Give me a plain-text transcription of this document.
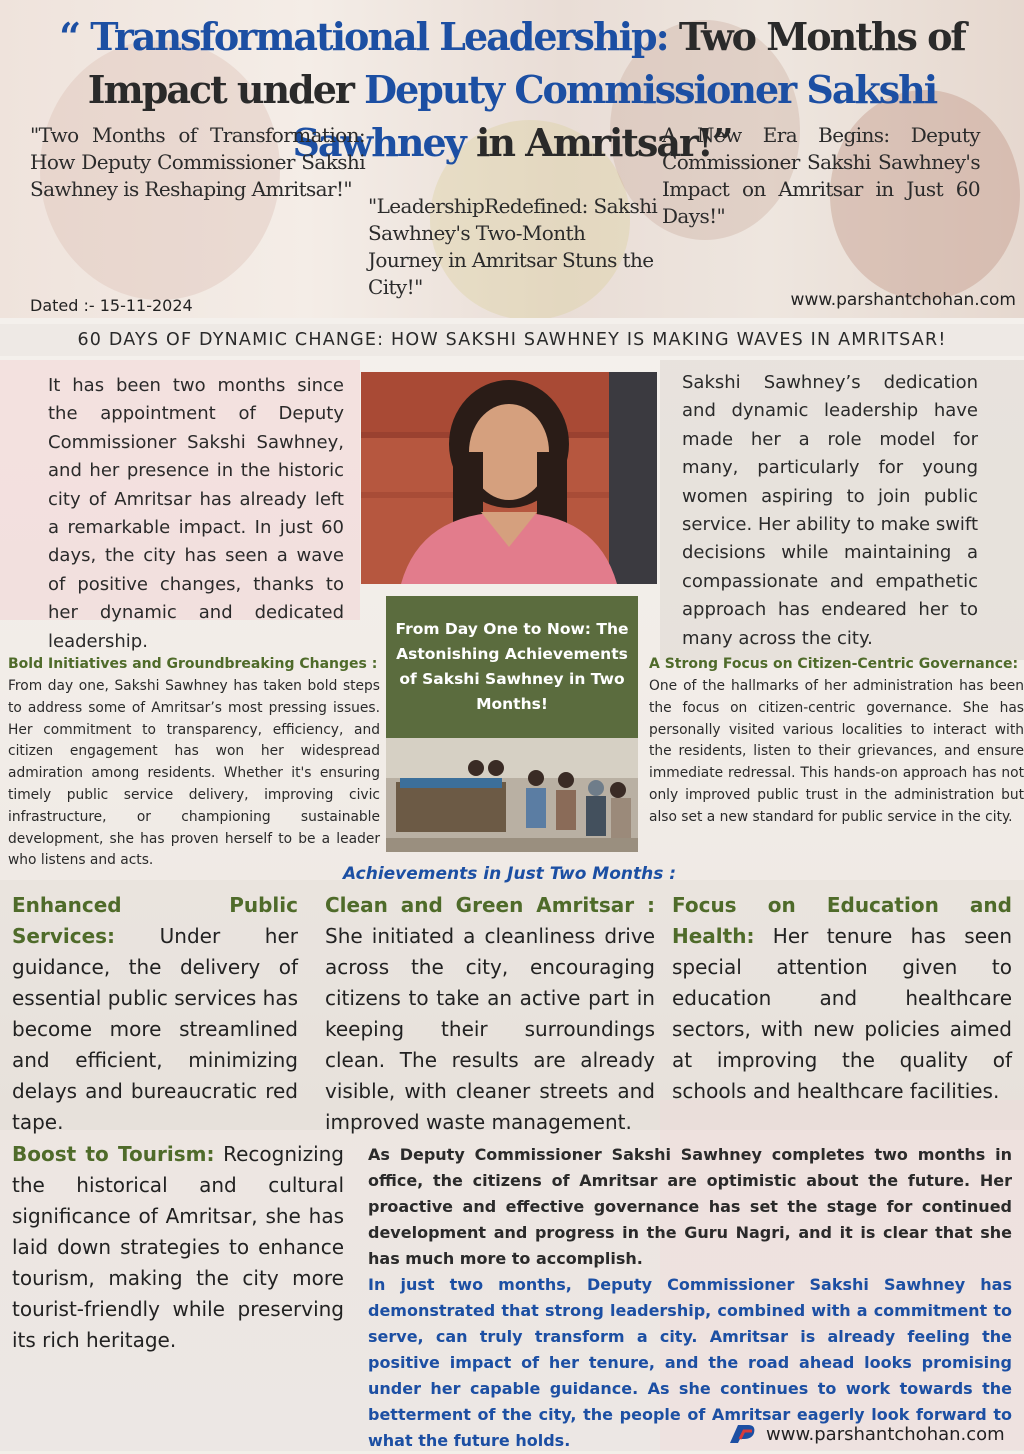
“ Transformational Leadership: Two Months of Impact under Deputy Commissioner Sakshi Sawhney in Amritsar!”
"Two Months of Transformation: How Deputy Commissioner Sakshi Sawhney is Reshaping Amritsar!"
"LeadershipRedefined: Sakshi Sawhney's Two-Month Journey in Amritsar Stuns the City!"
A New Era Begins: Deputy Commissioner Sakshi Sawhney's Impact on Amritsar in Just 60 Days!"
Dated :- 15-11-2024	www.parshantchohan.com
60 DAYS OF DYNAMIC CHANGE: HOW SAKSHI SAWHNEY IS MAKING WAVES IN AMRITSAR!
It has been two months since the appointment of Deputy Commissioner Sakshi Sawhney, and her presence in the historic city of Amritsar has already left a remarkable impact. In just 60 days, the city has seen a wave of positive changes, thanks to her dynamic and dedicated leadership.
Sakshi Sawhney’s dedication and dynamic leadership have made her a role model for many, particularly for young women aspiring to join public service. Her ability to make swift decisions while maintaining a compassionate and empathetic approach has endeared her to many across the city.
From Day One to Now: The Astonishing Achievements of Sakshi Sawhney in Two Months!
Bold Initiatives and Groundbreaking Changes :
From day one, Sakshi Sawhney has taken bold steps to address some of Amritsar’s most pressing issues. Her commitment to transparency, efficiency, and citizen engagement has won her widespread admiration among residents. Whether it's ensuring timely public service delivery, improving civic infrastructure, or championing sustainable development, she has proven herself to be a leader who listens and acts.
A Strong Focus on Citizen-Centric Governance:
One of the hallmarks of her administration has been the focus on citizen-centric governance. She has personally visited various localities to interact with the residents, listen to their grievances, and ensure immediate redressal. This hands-on approach has not only improved public trust in the administration but also set a new standard for public service in the city.
Achievements in Just Two Months :
Enhanced Public Services: Under her guidance, the delivery of essential public services has become more streamlined and efficient, minimizing delays and bureaucratic red tape.
Clean and Green Amritsar : She initiated a cleanliness drive across the city, encouraging citizens to take an active part in keeping their surroundings clean. The results are already visible, with cleaner streets and improved waste management.
Focus on Education and Health: Her tenure has seen special attention given to education and healthcare sectors, with new policies aimed at improving the quality of schools and healthcare facilities.
Boost to Tourism: Recognizing the historical and cultural significance of Amritsar, she has laid down strategies to enhance tourism, making the city more tourist-friendly while preserving its rich heritage.
As Deputy Commissioner Sakshi Sawhney completes two months in office, the citizens of Amritsar are optimistic about the future. Her proactive and effective governance has set the stage for continued development and progress in the Guru Nagri, and it is clear that she has much more to accomplish.
In just two months, Deputy Commissioner Sakshi Sawhney has demonstrated that strong leadership, combined with a commitment to serve, can truly transform a city. Amritsar is already feeling the positive impact of her tenure, and the road ahead looks promising under her capable guidance. As she continues to work towards the betterment of the city, the people of Amritsar eagerly look forward to what the future holds.	www.parshantchohan.com
